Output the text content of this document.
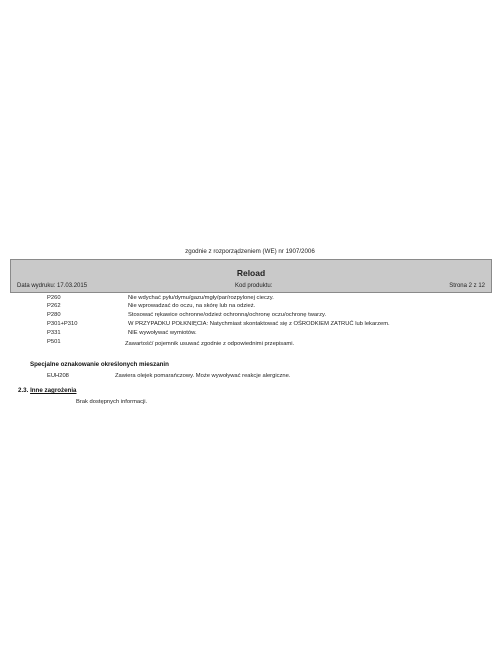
zgodnie z rozporządzeniem (WE) nr 1907/2006
Reload
Data wydruku: 17.03.2015	Kod produktu:	Strona 2 z 12
P260	Nie wdychać pyłu/dymu/gazu/mgły/par/rozpylonej cieczy.
P262	Nie wprowadzać do oczu, na skórę lub na odzież.
P280	Stosować rękawice ochronne/odzież ochronną/ochronę oczu/ochronę twarzy.
P301+P310	W PRZYPADKU POŁKNIĘCIA: Natychmiast skontaktować się z OŚRODKIEM ZATRUĆ lub lekarzem.
P331	NIE wywoływać wymiotów.
P501	Zawartość/ pojemnik usuwać zgodnie z odpowiednimi przepisami.
Specjalne oznakowanie określonych mieszanin
EUH208	Zawiera olejek pomarańczowy. Może wywoływać reakcje alergiczne.
2.3. Inne zagrożenia
Brak dostępnych informacji.
